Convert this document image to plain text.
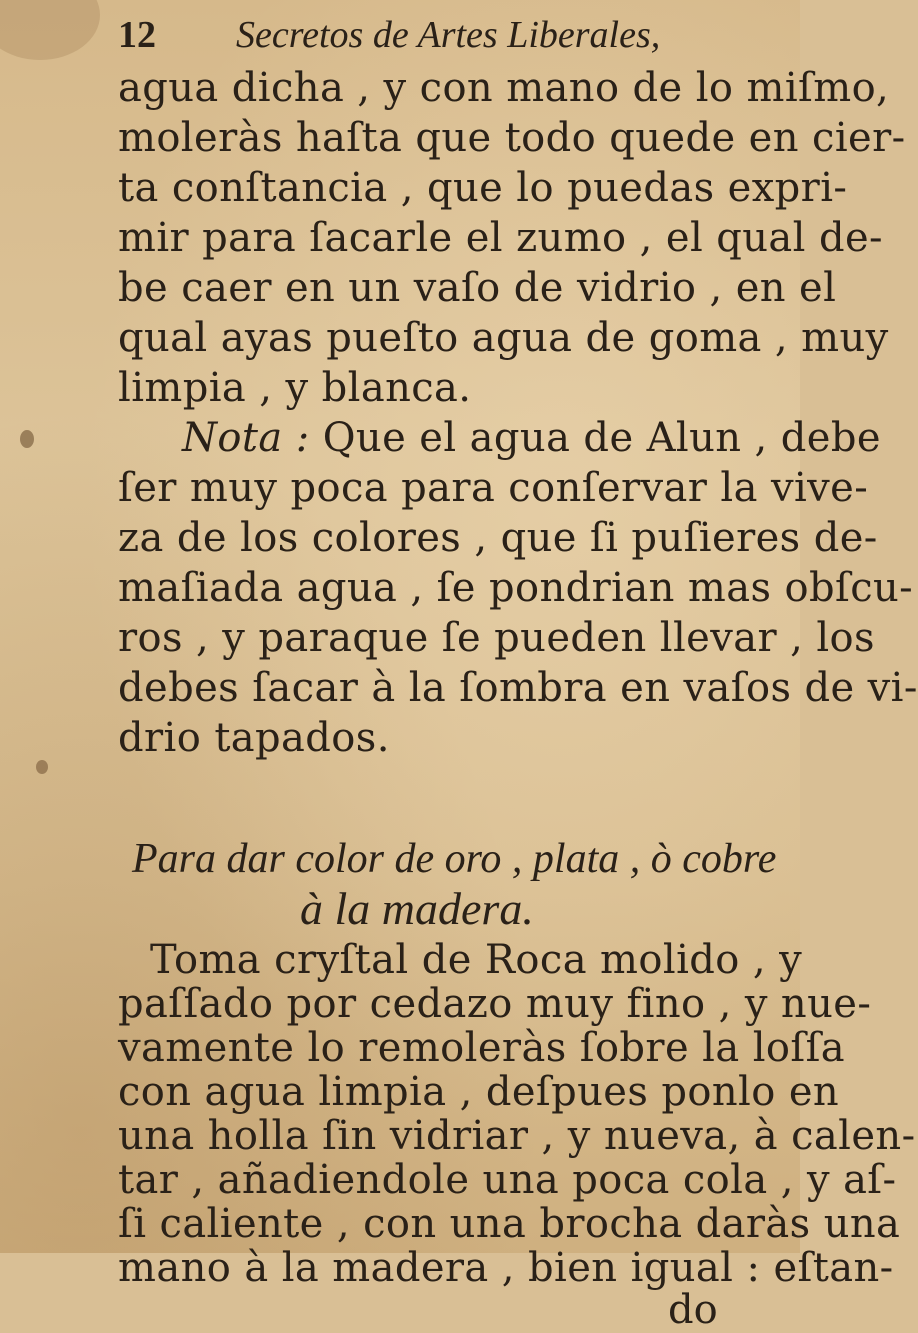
12 Secretos de Artes Liberales,
agua dicha , y con mano de lo miſmo,
moleràs haſta que todo quede en cier-
ta conſtancia , que lo puedas expri-
mir para ſacarle el zumo , el qual de-
be caer en un vaſo de vidrio , en el
qual ayas pueſto agua de goma , muy
limpia , y blanca.
Nota : Que el agua de Alun , debe
ſer muy poca para conſervar la vive-
za de los colores , que ſi puſieres de-
maſiada agua , ſe pondrian mas obſcu-
ros , y paraque ſe pueden llevar , los
debes ſacar à la ſombra en vaſos de vi-
drio tapados.
Para dar color de oro , plata , ò cobre
à la madera.
Toma cryſtal de Roca molido , y
paſſado por cedazo muy fino , y nue-
vamente lo remoleràs ſobre la loſſa
con agua limpia , deſpues ponlo en
una holla ſin vidriar , y nueva, à calen-
tar , añadiendole una poca cola , y aſ-
ſi caliente , con una brocha daràs una
mano à la madera , bien igual : eſtan-
do
